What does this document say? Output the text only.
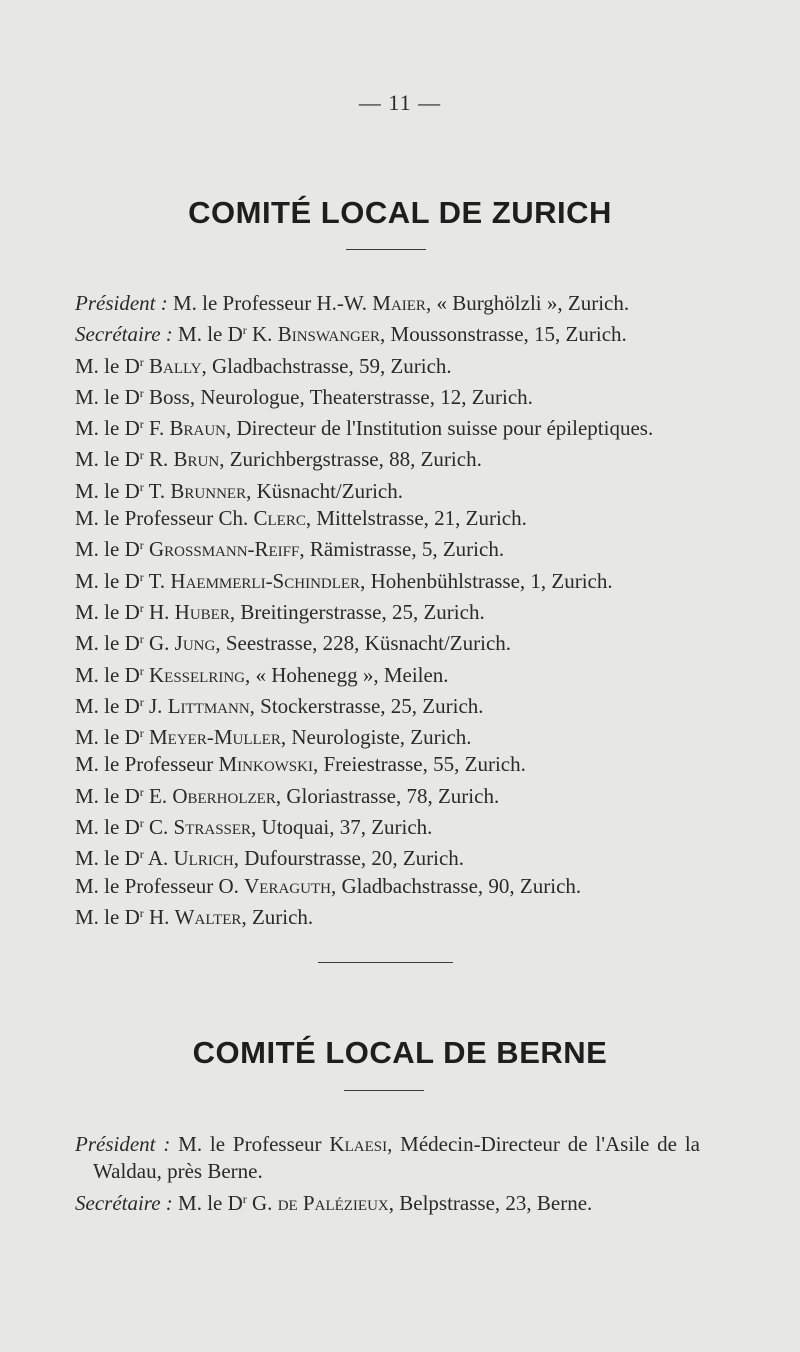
— 11 —
COMITÉ LOCAL DE ZURICH

Président : M. le Professeur H.-W. Maier, « Burghölzli », Zurich.

Secrétaire : M. le $D^r$ K. Binswanger, Moussonstrasse, 15, Zurich.

M. le $D^r$ Bally, Gladbachstrasse, 59, Zurich.

M. le $D^r$ Boss, Neurologue, Theaterstrasse, 12, Zurich.

M. le $D^r$ F. Braun, Directeur de l'Institution suisse pour épileptiques.

M. le $D^r$ R. Brun, Zurichbergstrasse, 88, Zurich.

M. le $D^r$ T. Brunner, Küsnacht/Zurich.

M. le Professeur Ch. Clerc, Mittelstrasse, 21, Zurich.

M. le $D^r$ Grossmann-Reiff, Rämistrasse, 5, Zurich.

M. le $D^r$ T. Haemmerli-Schindler, Hohenbühlstrasse, 1, Zurich.

M. le $D^r$ H. Huber, Breitingerstrasse, 25, Zurich.

M. le $D^r$ G. Jung, Seestrasse, 228, Küsnacht/Zurich.

M. le $D^r$ Kesselring, « Hohenegg », Meilen.

M. le $D^r$ J. Littmann, Stockerstrasse, 25, Zurich.

M. le $D^r$ Meyer-Muller, Neurologiste, Zurich.

M. le Professeur Minkowski, Freiestrasse, 55, Zurich.

M. le $D^r$ E. Oberholzer, Gloriastrasse, 78, Zurich.

M. le $D^r$ C. Strasser, Utoquai, 37, Zurich.

M. le $D^r$ A. Ulrich, Dufourstrasse, 20, Zurich.

M. le Professeur O. Veraguth, Gladbachstrasse, 90, Zurich.

M. le $D^r$ H. Walter, Zurich.

COMITÉ LOCAL DE BERNE

Président : M. le Professeur Klaesi, Médecin-Directeur de l'Asile de la Waldau, près Berne.

Secrétaire : M. le $D^r$ G. de Palézieux, Belpstrasse, 23, Berne.
